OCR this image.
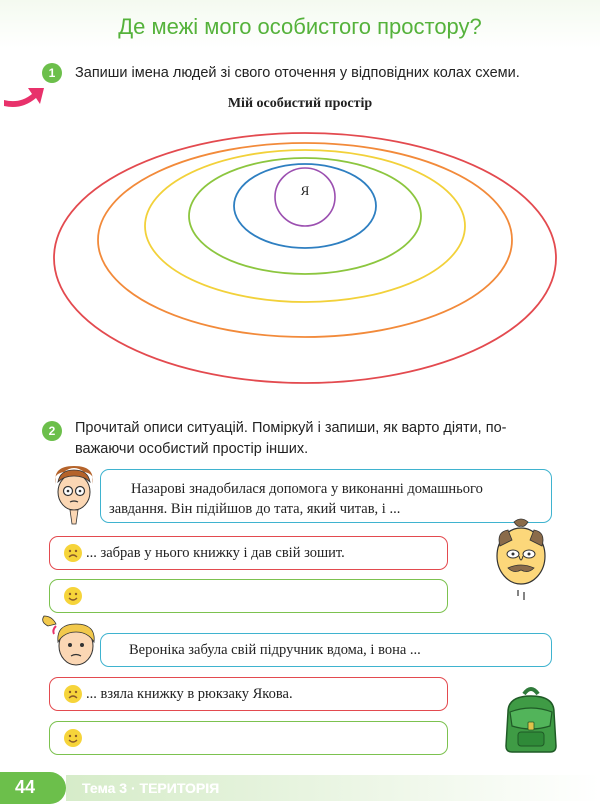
Де межі мого особистого простору?
1	Запиши імена людей зі свого оточення у відповідних колах схеми.
Мій особистий простір
Я
2	Прочитай описи ситуацій. Поміркуй і запиши, як варто діяти, по-
важаючи особистий простір інших.
Назарові знадобилася допомога у виконанні домашнього
завдання. Він підійшов до тата, який читав, і ...
... забрав у нього книжку і дав свій зошит.
Вероніка забула свій підручник вдома, і вона ...
... взяла книжку в рюкзаку Якова.
44	Тема 3 · ТЕРИТОРІЯ
